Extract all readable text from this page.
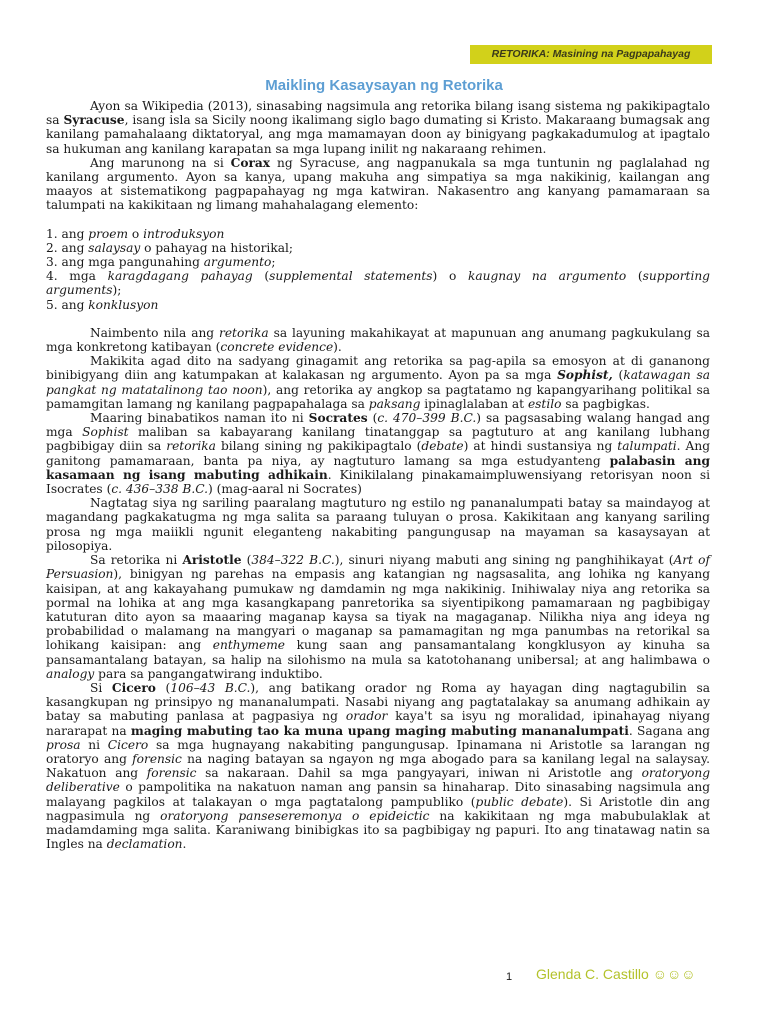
RETORIKA: Masining na Pagpapahayag
Maikling Kasaysayan ng Retorika

Ayon sa Wikipedia (2013), sinasabing nagsimula ang retorika bilang isang sistema ng pakikipagtalo sa Syracuse, isang isla sa Sicily noong ikalimang siglo bago dumating si Kristo. Makaraang bumagsak ang kanilang pamahalaang diktatoryal, ang mga mamamayan doon ay binigyang pagkakadumulog at ipagtalo sa hukuman ang kanilang karapatan sa mga lupang inilit ng nakaraang rehimen.

Ang marunong na si Corax ng Syracuse, ang nagpanukala sa mga tuntunin ng paglalahad ng kanilang argumento. Ayon sa kanya, upang makuha ang simpatiya sa mga nakikinig, kailangan ang maayos at sistematikong pagpapahayag ng mga katwiran. Nakasentro ang kanyang pamamaraan sa talumpati na kakikitaan ng limang mahahalagang elemento:

1. ang proem o introduksyon
2. ang salaysay o pahayag na historikal;
3. ang mga pangunahing argumento;
4. mga karagdagang pahayag (supplemental statements) o kaugnay na argumento (supporting arguments);
5. ang konklusyon

Naimbento nila ang retorika sa layuning makahikayat at mapunuan ang anumang pagkukulang sa mga konkretong katibayan (concrete evidence).

Makikita agad dito na sadyang ginagamit ang retorika sa pag-apila sa emosyon at di gananong binibigyang diin ang katumpakan at kalakasan ng argumento. Ayon pa sa mga Sophist, (katawagan sa pangkat ng matatalinong tao noon), ang retorika ay angkop sa pagtatamo ng kapangyarihang politikal sa pamamgitan lamang ng kanilang pagpapahalaga sa paksang ipinaglalaban at estilo sa pagbigkas.

Maaring binabatikos naman ito ni Socrates (c. 470–399 B.C.) sa pagsasabing walang hangad ang mga Sophist maliban sa kabayarang kanilang tinatanggap sa pagtuturo at ang kanilang lubhang pagbibigay diin sa retorika bilang sining ng pakikipagtalo (debate) at hindi sustansiya ng talumpati. Ang ganitong pamamaraan, banta pa niya, ay nagtuturo lamang sa mga estudyanteng palabasin ang kasamaan ng isang mabuting adhikain. Kinikilalang pinakamaimpluwensiyang retorisyan noon si Isocrates (c. 436–338 B.C.) (mag-aaral ni Socrates)

Nagtatag siya ng sariling paaralang magtuturo ng estilo ng pananalumpati batay sa maindayog at magandang pagkakatugma ng mga salita sa paraang tuluyan o prosa. Kakikitaan ang kanyang sariling prosa ng mga maiikli ngunit eleganteng nakabiting pangungusap na mayaman sa kasaysayan at pilosopiya.

Sa retorika ni Aristotle (384–322 B.C.), sinuri niyang mabuti ang sining ng panghihikayat (Art of Persuasion), binigyan ng parehas na empasis ang katangian ng nagsasalita, ang lohika ng kanyang kaisipan, at ang kakayahang pumukaw ng damdamin ng mga nakikinig. Inihiwalay niya ang retorika sa pormal na lohika at ang mga kasangkapang panretorika sa siyentipikong pamamaraan ng pagbibigay katuturan dito ayon sa maaaring maganap kaysa sa tiyak na magaganap. Nilikha niya ang ideya ng probabilidad o malamang na mangyari o maganap sa pamamagitan ng mga panumbas na retorikal sa lohikang kaisipan: ang enthymeme kung saan ang pansamantalang kongklusyon ay kinuha sa pansamantalang batayan, sa halip na silohismo na mula sa katotohanang unibersal; at ang halimbawa o analogy para sa pangangatwirang induktibo.

Si Cicero (106–43 B.C.), ang batikang orador ng Roma ay hayagan ding nagtagubilin sa kasangkupan ng prinsipyo ng mananalumpati. Nasabi niyang ang pagtatalakay sa anumang adhikain ay batay sa mabuting panlasa at pagpasiya ng orador kaya't sa isyu ng moralidad, ipinahayag niyang nararapat na maging mabuting tao ka muna upang maging mabuting mananalumpati. Sagana ang prosa ni Cicero sa mga hugnayang nakabiting pangungusap. Ipinamana ni Aristotle sa larangan ng oratoryo ang forensic na naging batayan sa ngayon ng mga abogado para sa kanilang legal na salaysay. Nakatuon ang forensic sa nakaraan. Dahil sa mga pangyayari, iniwan ni Aristotle ang oratoryong deliberative o pampolitika na nakatuon naman ang pansin sa hinaharap. Dito sinasabing nagsimula ang malayang pagkilos at talakayan o mga pagtatalong pampubliko (public debate). Si Aristotle din ang nagpasimula ng oratoryong panseseremonya o epideictic na kakikitaan ng mga mabubulaklak at madamdaming mga salita. Karaniwang binibigkas ito sa pagbibigay ng papuri. Ito ang tinatawag natin sa Ingles na declamation.

1 Glenda C. Castillo ☺☺☺
